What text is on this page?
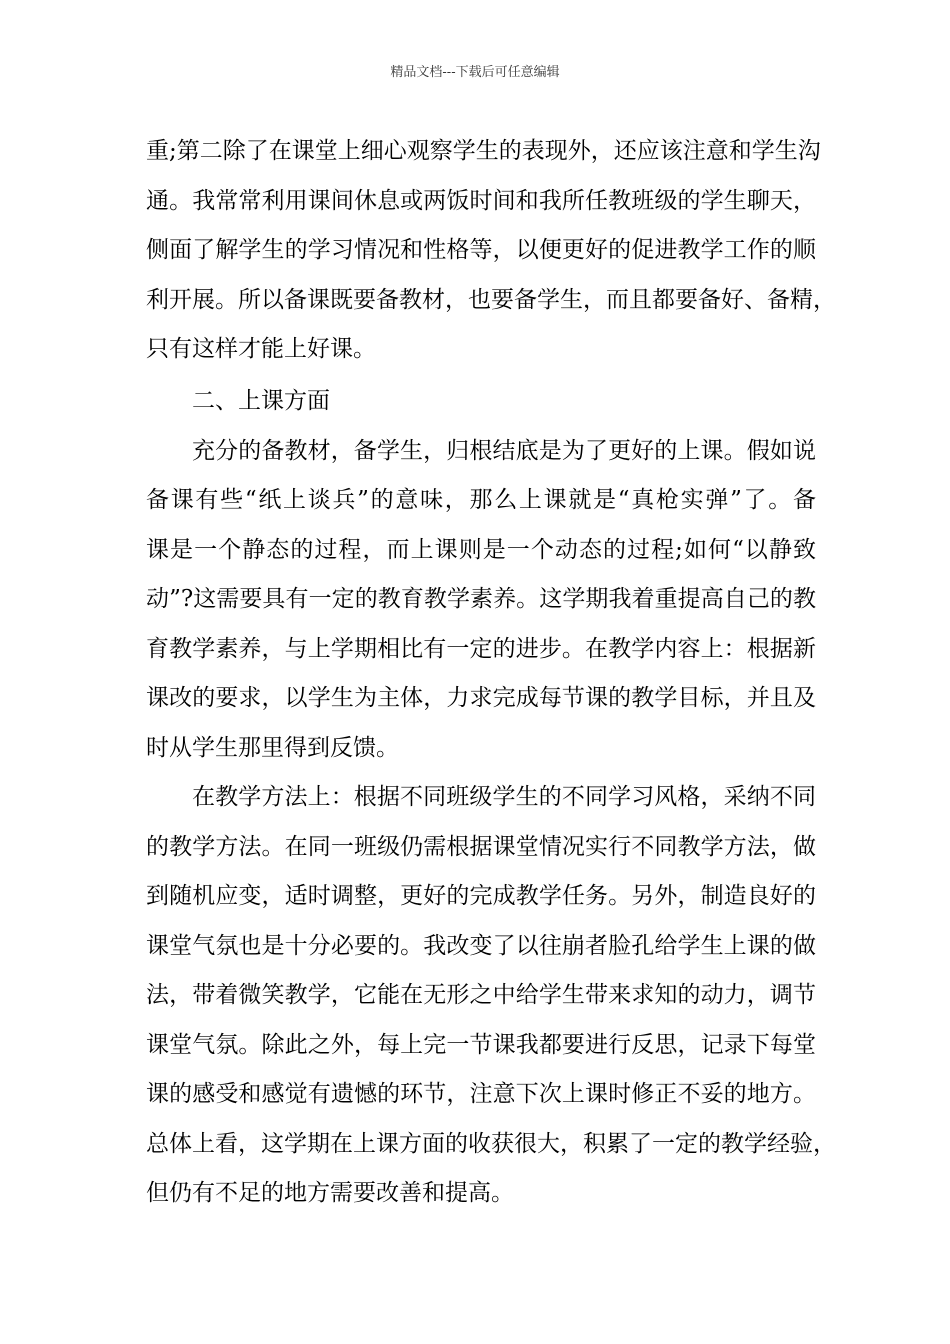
精品文档---下载后可任意编辑
重;第二除了在课堂上细心观察学生的表现外，还应该注意和学生沟
通。我常常利用课间休息或两饭时间和我所任教班级的学生聊天，
侧面了解学生的学习情况和性格等，以便更好的促进教学工作的顺
利开展。所以备课既要备教材，也要备学生，而且都要备好、备精，
只有这样才能上好课。
二、上课方面
充分的备教材，备学生，归根结底是为了更好的上课。假如说
备课有些“纸上谈兵”的意味，那么上课就是“真枪实弹”了。备
课是一个静态的过程，而上课则是一个动态的过程;如何“以静致
动”?这需要具有一定的教育教学素养。这学期我着重提高自己的教
育教学素养，与上学期相比有一定的进步。在教学内容上：根据新
课改的要求，以学生为主体，力求完成每节课的教学目标，并且及
时从学生那里得到反馈。
在教学方法上：根据不同班级学生的不同学习风格，采纳不同
的教学方法。在同一班级仍需根据课堂情况实行不同教学方法，做
到随机应变，适时调整，更好的完成教学任务。另外，制造良好的
课堂气氛也是十分必要的。我改变了以往崩者脸孔给学生上课的做
法，带着微笑教学，它能在无形之中给学生带来求知的动力，调节
课堂气氛。除此之外，每上完一节课我都要进行反思，记录下每堂
课的感受和感觉有遗憾的环节，注意下次上课时修正不妥的地方。
总体上看，这学期在上课方面的收获很大，积累了一定的教学经验，
但仍有不足的地方需要改善和提高。
